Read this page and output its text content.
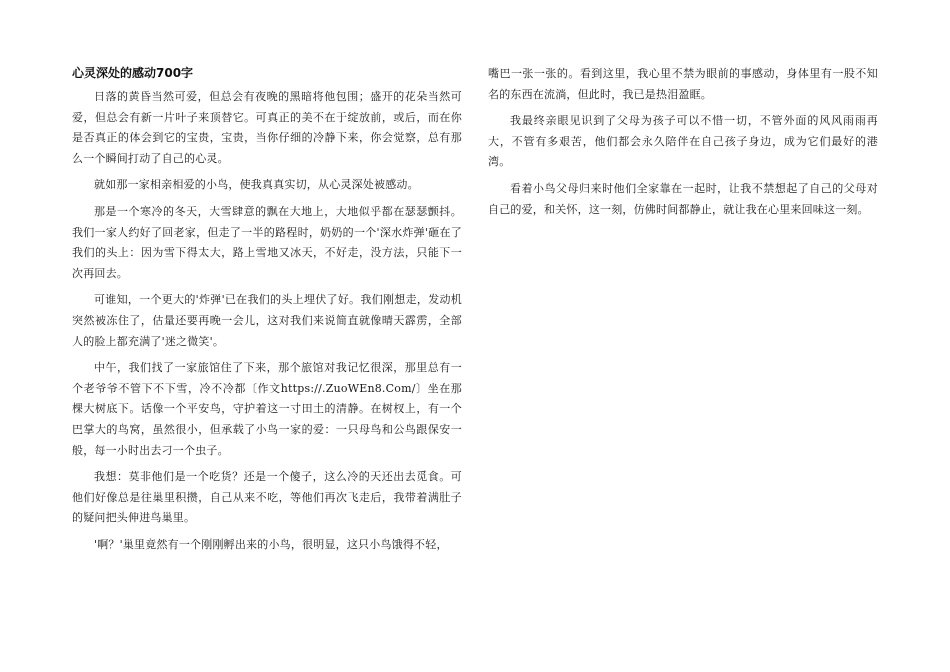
心灵深处的感动700字

日落的黄昏当然可爱，但总会有夜晚的黑暗将他包围；盛开的花朵当然可爱，但总会有新一片叶子来顶替它。可真正的美不在于绽放前，或后，而在你是否真正的体会到它的宝贵，宝贵，当你仔细的冷静下来，你会觉察，总有那么一个瞬间打动了自己的心灵。

就如那一家相亲相爱的小鸟，使我真真实切，从心灵深处被感动。

那是一个寒冷的冬天，大雪肆意的飘在大地上，大地似乎都在瑟瑟颤抖。我们一家人约好了回老家，但走了一半的路程时，奶奶的一个'深水炸弹'砸在了我们的头上：因为雪下得太大，路上雪地又冰天，不好走，没方法，只能下一次再回去。

可谁知，一个更大的'炸弹'已在我们的头上埋伏了好。我们刚想走，发动机突然被冻住了，估量还要再晚一会儿，这对我们来说简直就像晴天霹雳，全部人的脸上都充满了'迷之微笑'。

中午，我们找了一家旅馆住了下来，那个旅馆对我记忆很深，那里总有一个老爷爷不管下不下雪，冷不冷都〔作文https://.ZuoWEn8.Com/〕坐在那棵大树底下。话像一个平安鸟，守护着这一寸田土的清静。在树杈上，有一个巴掌大的鸟窝，虽然很小，但承载了小鸟一家的爱：一只母鸟和公鸟跟保安一般，每一小时出去刁一个虫子。

我想：莫非他们是一个吃货？还是一个傻子，这么冷的天还出去觅食。可他们好像总是往巢里积攒，自己从来不吃，等他们再次飞走后，我带着满肚子的疑问把头伸进鸟巢里。

'啊？'巢里竟然有一个刚刚孵出来的小鸟，很明显，这只小鸟饿得不轻，

嘴巴一张一张的。看到这里，我心里不禁为眼前的事感动，身体里有一股不知名的东西在流淌，但此时，我已是热泪盈眶。

我最终亲眼见识到了父母为孩子可以不惜一切，不管外面的风风雨雨再大，不管有多艰苦，他们都会永久陪伴在自己孩子身边，成为它们最好的港湾。

看着小鸟父母归来时他们全家靠在一起时，让我不禁想起了自己的父母对自己的爱，和关怀，这一刻，仿佛时间都静止，就让我在心里来回味这一刻。
